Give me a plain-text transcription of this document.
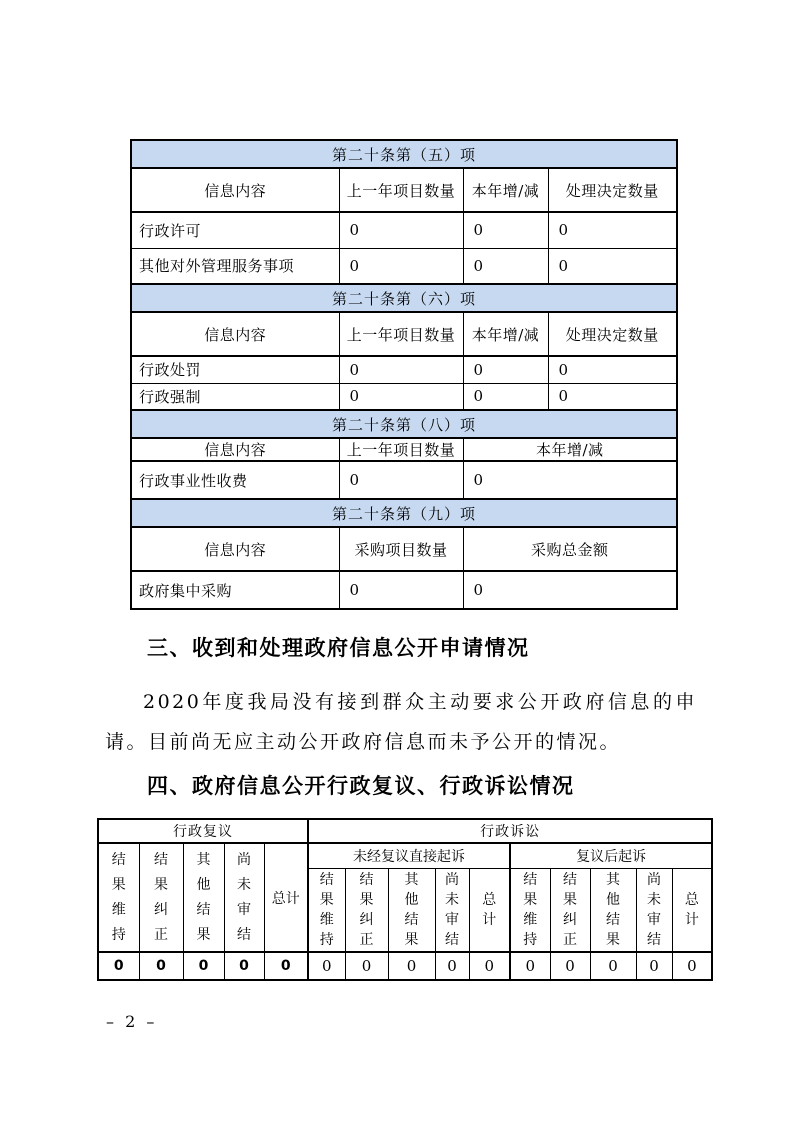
第二十条第（五）项			
信息内容	上一年项目数量	本年增/减	处理决定数量
行政许可	0	0	0
其他对外管理服务事项	0	0	0
第二十条第（六）项			
信息内容	上一年项目数量	本年增/减	处理决定数量
行政处罚	0	0	0
行政强制	0	0	0
第二十条第（八）项			
信息内容	上一年项目数量	本年增/减	
行政事业性收费	0	0	
第二十条第（九）项			
信息内容	采购项目数量	采购总金额	
政府集中采购	0	0	
三、收到和处理政府信息公开申请情况

2020年度我局没有接到群众主动要求公开政府信息的申请。目前尚无应主动公开政府信息而未予公开的情况。

四、政府信息公开行政复议、行政诉讼情况
行政复议					行政诉讼									
结果维持	结果纠正	其他结果	尚未审结	总计	未经复议直接起诉					复议后起诉				
					结果维持	结果纠正	其他结果	尚未审结	总计	结果维持	结果纠正	其他结果	尚未审结	总计
0	0	0	0	0	0	0	0	0	0	0	0	0	0	0
– 2 –
